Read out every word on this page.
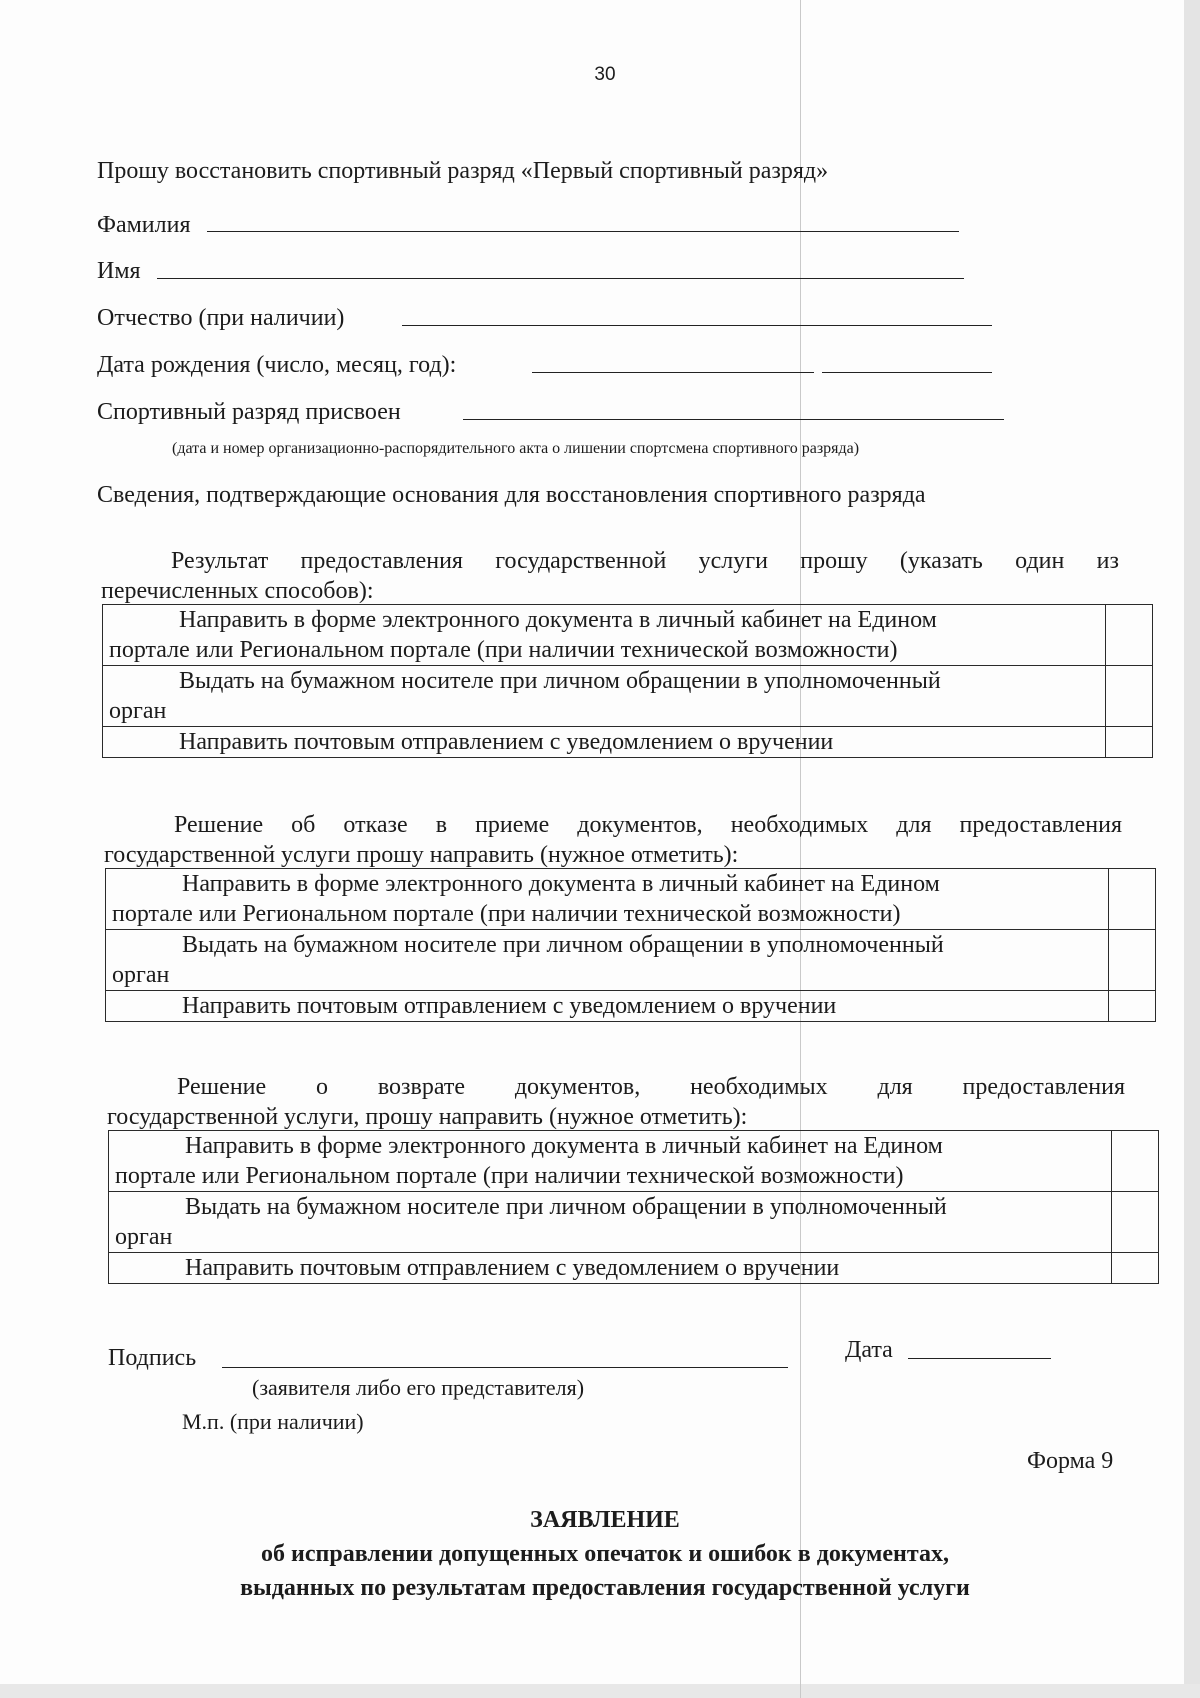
30
Прошу восстановить спортивный разряд «Первый спортивный разряд»
Фамилия
Имя
Отчество (при наличии)
Дата рождения (число, месяц, год):
Спортивный разряд присвоен
(дата и номер организационно-распорядительного акта о лишении спортсмена спортивного разряда)
Сведения, подтверждающие основания для восстановления спортивного разряда
Результат предоставления государственной услуги прошу (указать один из
перечисленных способов):
Направить в форме электронного документа в личный кабинет на Едином
портале или Региональном портале (при наличии технической возможности)	

Выдать на бумажном носителе при личном обращении в уполномоченный
орган	

Направить почтовым отправлением с уведомлением о вручении	

Решение об отказе в приеме документов, необходимых для предоставления
государственной услуги прошу направить (нужное отметить):
Направить в форме электронного документа в личный кабинет на Едином
портале или Региональном портале (при наличии технической возможности)	

Выдать на бумажном носителе при личном обращении в уполномоченный
орган	

Направить почтовым отправлением с уведомлением о вручении	

Решение о возврате документов, необходимых для предоставления
государственной услуги, прошу направить (нужное отметить):
Направить в форме электронного документа в личный кабинет на Едином
портале или Региональном портале (при наличии технической возможности)	

Выдать на бумажном носителе при личном обращении в уполномоченный
орган	

Направить почтовым отправлением с уведомлением о вручении	

Подпись	Дата
(заявителя либо его представителя)
М.п. (при наличии)
Форма 9
ЗАЯВЛЕНИЕ
об исправлении допущенных опечаток и ошибок в документах,
выданных по результатам предоставления государственной услуги
